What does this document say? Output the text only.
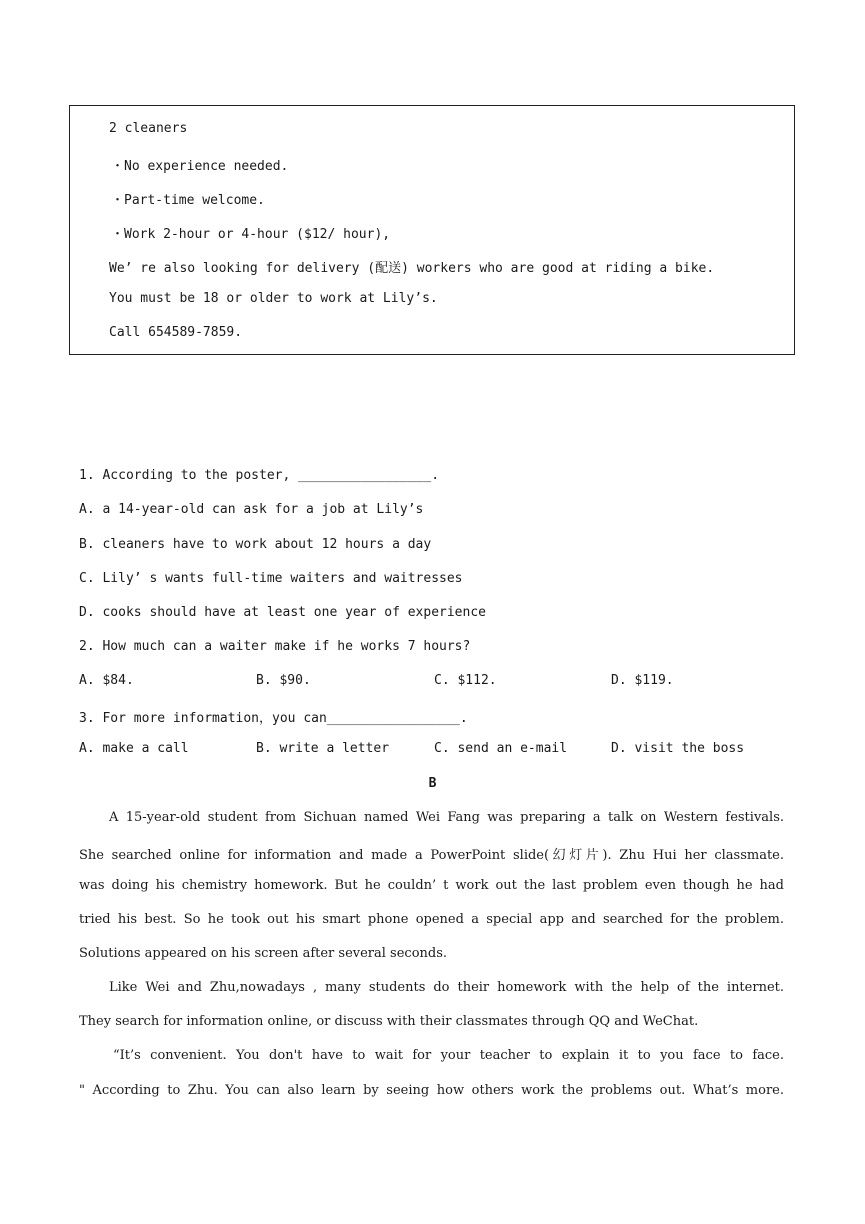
2 cleaners
・No experience needed.
・Part-time welcome.
・Work 2-hour or 4-hour ($12/ hour),
We’ re also looking for delivery (配送) workers who are good at riding a bike.
You must be 18 or older to work at Lily’s.
Call 654589-7859.
1. According to the poster, _________________.
A. a 14-year-old can ask for a job at Lily’s
B. cleaners have to work about 12 hours a day
C. Lily’ s wants full-time waiters and waitresses
D. cooks should have at least one year of experience
2. How much can a waiter make if he works 7 hours?
A. $84.	B. $90.	C. $112.	D. $119.
3. For more information，you can_________________.
A. make a call	B. write a letter	C. send an e-mail	D. visit the boss
B
A 15-year-old student from Sichuan named Wei Fang was preparing a talk on Western festivals.
She searched online for information and made a PowerPoint slide(幻灯片). Zhu Hui her classmate.
was doing his chemistry homework. But he couldn’ t work out the last problem even though he had
tried his best. So he took out his smart phone opened a special app and searched for the problem.
Solutions appeared on his screen after several seconds.
Like Wei and Zhu,nowadays , many students do their homework with the help of the internet.
They search for information online, or discuss with their classmates through QQ and WeChat.
“It’s convenient. You don't have to wait for your teacher to explain it to you face to face.
" According to Zhu. You can also learn by seeing how others work the problems out. What’s more.
